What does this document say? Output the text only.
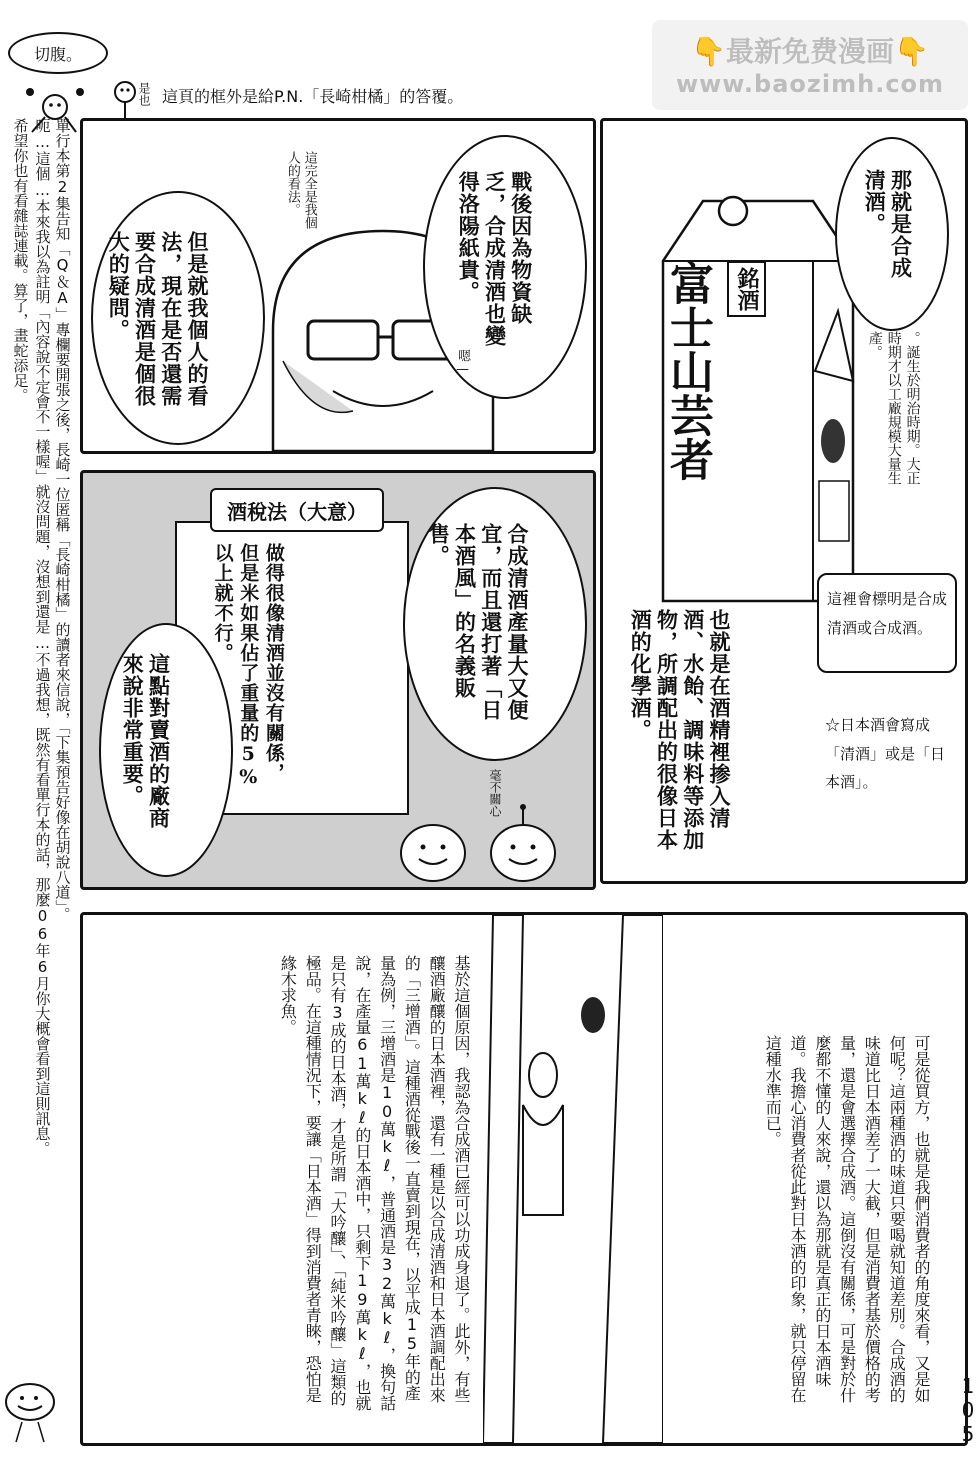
👇最新免费漫画👇
www.baozimh.com
切腹。
是也 這頁的框外是給P.N.「長崎柑橘」的答覆。
單行本第2集告知「Q＆A」專欄要開張之後，長崎一位匿稱「長崎柑橘」的讀者來信說，「下集預告好像在胡說八道」。
呃…這個…本來我以為註明「內容說不定會不一樣喔」就沒問題，沒想到還是…不過我想，既然有看單行本的話，那麼06年6月你大概會看到這則訊息。
希望你也有看雜誌連載。算了，畫蛇添足。	戰後因為物資缺乏，合成清酒也變得洛陽紙貴。
這完全是我個人的看法。
但是就我個人的看法，現在是否還需要合成清酒是個很大的疑問。
嗯—
銘酒
富士山芸者
那就是合成清酒。
。誕生於明治時期。大正時期才以工廠規模大量生產。
這裡會標明是合成清酒或合成酒。
☆日本酒會寫成「清酒」或是「日本酒」。
也就是在酒精裡掺入清酒、水飴、調味料等添加物，所調配出的很像日本酒的化學酒。
做得很像清酒並沒有關係，但是米如果佔了重量的5%以上就不行。	合成清酒產量大又便宜，而且還打著「日本酒風」的名義販售。
這點對賣酒的廠商來說非常重要。	毫不關心
酒稅法（大意）
可是從買方，也就是我們消費者的角度來看，又是如何呢？這兩種酒的味道只要喝就知道差別。合成酒的味道比日本酒差了一大截，但是消費者基於價格的考量，還是會選擇合成酒。這倒沒有關係，可是對於什麼都不懂的人來說，還以為那就是真正的日本酒味道。我擔心消費者從此對日本酒的印象，就只停留在這種水準而已。
基於這個原因，我認為合成酒已經可以功成身退了。此外，有些釀酒廠釀的日本酒裡，還有一種是以合成清酒和日本酒調配出來的「三增酒」。這種酒從戰後一直賣到現在，以平成15年的產量為例，三增酒是10萬kℓ，普通酒是32萬kℓ，換句話說，在產量61萬kℓ的日本酒中，只剩下19萬kℓ，也就是只有3成的日本酒，才是所謂「大吟釀」、「純米吟釀」這類的極品。在這種情況下，要讓「日本酒」得到消費者青睞，恐怕是緣木求魚。
105
